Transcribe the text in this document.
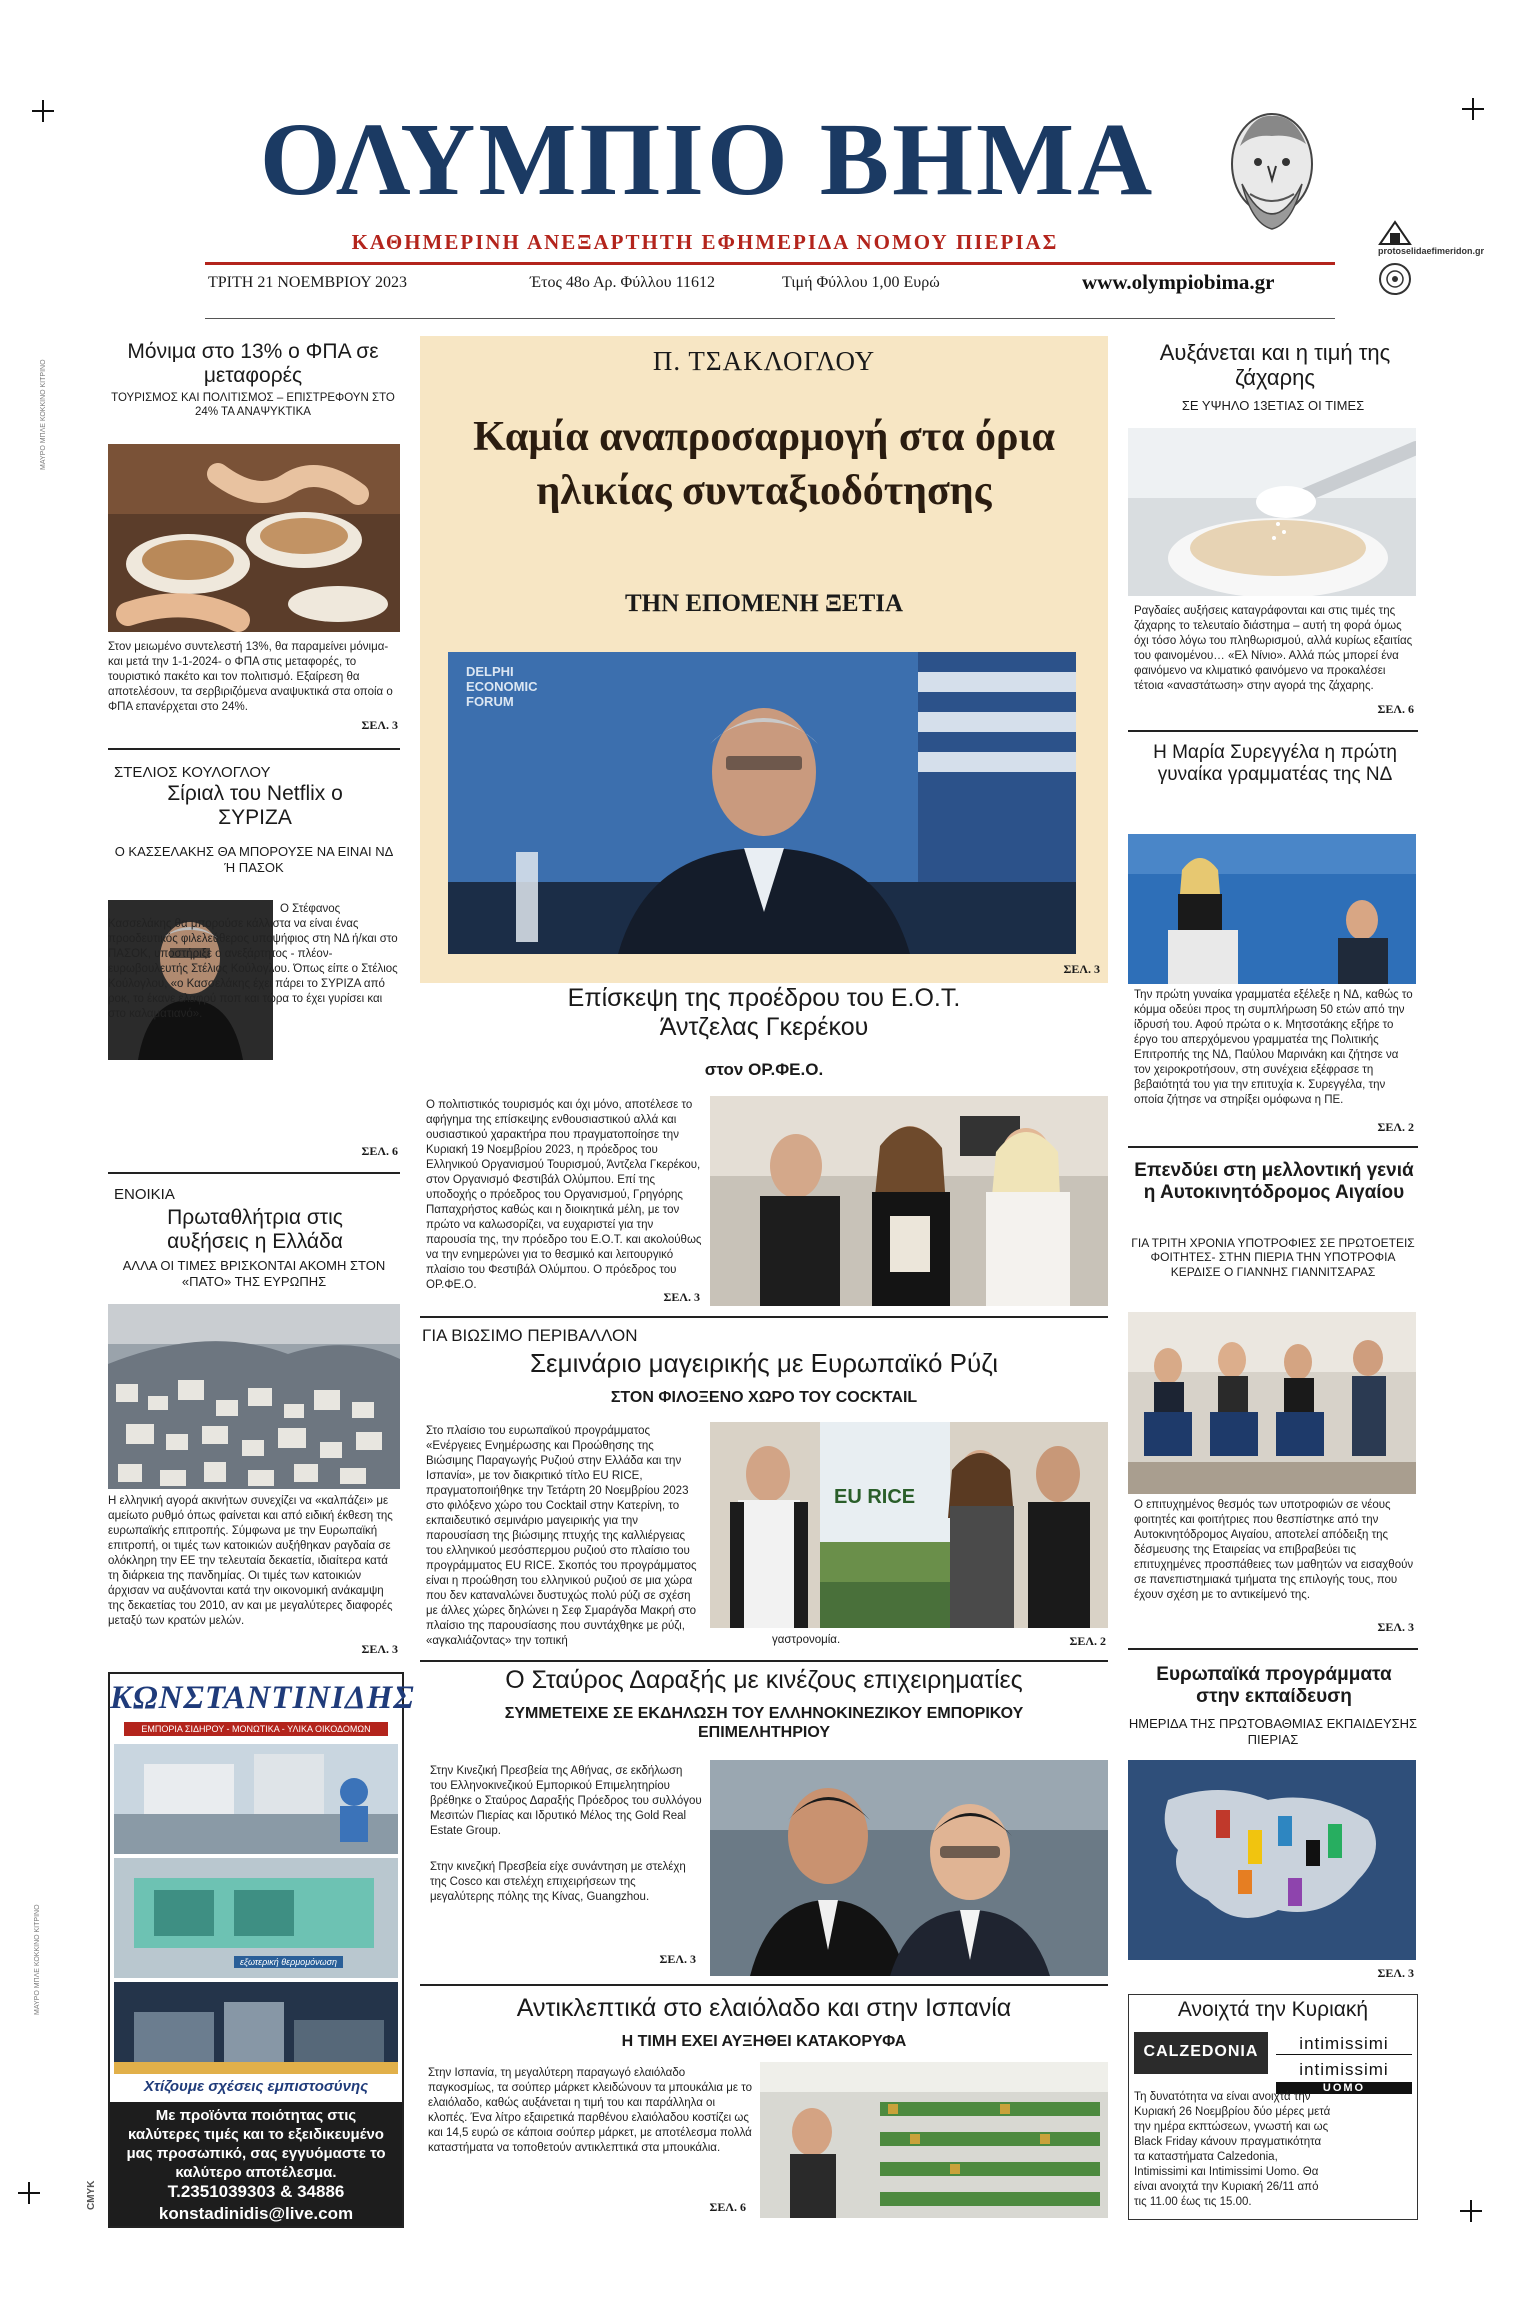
ΜΑΥΡΟ ΜΠΛΕ ΚΟΚΚΙΝΟ ΚΙΤΡΙΝΟ
ΜΑΥΡΟ ΜΠΛΕ ΚΟΚΚΙΝΟ ΚΙΤΡΙΝΟ
CMYK
ΟΛΥΜΠΙΟ ΒΗΜΑ
ΚΑΘΗΜΕΡΙΝΗ ΑΝΕΞΑΡΤΗΤΗ ΕΦΗΜΕΡΙΔΑ ΝΟΜΟΥ ΠΙΕΡΙΑΣ
ΤΡΙΤΗ 21 ΝΟΕΜΒΡΙΟΥ 2023	Έτος 48ο Αρ. Φύλλου 11612	Τιμή Φύλλου 1,00 Ευρώ	www.olympiobima.gr
protoselidaefimeridon.gr
Μόνιμα στο 13% ο ΦΠΑ σε μεταφορές
ΤΟΥΡΙΣΜΟΣ ΚΑΙ ΠΟΛΙΤΙΣΜΟΣ – ΕΠΙΣΤΡΕΦΟΥΝ ΣΤΟ 24% ΤΑ ΑΝΑΨΥΚΤΙΚΑ
Στον μειωμένο συντελεστή 13%, θα παραμείνει μόνιμα- και μετά την 1-1-2024- ο ΦΠΑ στις μεταφορές, το τουριστικό πακέτο και τον πολιτισμό. Εξαίρεση θα αποτελέσουν, τα σερβιριζόμενα αναψυκτικά στα οποία ο ΦΠΑ επανέρχεται στο 24%.
ΣΕΛ. 3
ΣΤΕΛΙΟΣ ΚΟΥΛΟΓΛΟΥ
Σίριαλ του Netflix ο ΣΥΡΙΖΑ
Ο ΚΑΣΣΕΛΑΚΗΣ ΘΑ ΜΠΟΡΟΥΣΕ ΝΑ ΕΙΝΑΙ ΝΔ Ή ΠΑΣΟΚ
Ο Στέφανος Κασσελάκης θα μπορούσε κάλλιστα να είναι ένας προοδευτικός φιλελεύθερος υποψήφιος στη ΝΔ ή/και στο ΠΑΣΟΚ, υποστήριξε ο ανεξάρτητος - πλέον- ευρωβουλευτής Στέλιος Κούλογλου. Όπως είπε ο Στέλιος Κούλογλου, «ο Κασσελάκης έχει πάρει το ΣΥΡΙΖΑ από ροκ, το έκανε ελαφρύ ποπ και τώρα το έχει γυρίσει και στο καλαματιανό».
ΣΕΛ. 6
ΕΝΟΙΚΙΑ
Πρωταθλήτρια στις αυξήσεις η Ελλάδα
ΑΛΛΑ ΟΙ ΤΙΜΕΣ ΒΡΙΣΚΟΝΤΑΙ ΑΚΟΜΗ ΣΤΟΝ «ΠΑΤΟ» ΤΗΣ ΕΥΡΩΠΗΣ
Η ελληνική αγορά ακινήτων συνεχίζει να «καλπάζει» με αμείωτο ρυθμό όπως φαίνεται και από ειδική έκθεση της ευρωπαϊκής επιτροπής. Σύμφωνα με την Ευρωπαϊκή επιτροπή, οι τιμές των κατοικιών αυξήθηκαν ραγδαία σε ολόκληρη την ΕΕ την τελευταία δεκαετία, ιδιαίτερα κατά τη διάρκεια της πανδημίας. Οι τιμές των κατοικιών άρχισαν να αυξάνονται κατά την οικονομική ανάκαμψη της δεκαετίας του 2010, αν και με μεγαλύτερες διαφορές μεταξύ των κρατών μελών.
ΣΕΛ. 3
ΚΩΝΣΤΑΝΤΙΝΙΔΗΣ
ΕΜΠΟΡΙΑ ΣΙΔΗΡΟΥ - ΜΟΝΩΤΙΚΑ - ΥΛΙΚΑ ΟΙΚΟΔΟΜΩΝ
εξωτερική θερμομόνωση
Χτίζουμε σχέσεις εμπιστοσύνης
Με προϊόντα ποιότητας στις καλύτερες τιμές και το εξειδικευμένο μας προσωπικό, σας εγγυόμαστε το καλύτερο αποτέλεσμα.
T.2351039303 & 34886
konstadinidis@live.com
Π. ΤΣΑΚΛΟΓΛΟΥ
Καμία αναπροσαρμογή στα όρια ηλικίας συνταξιοδότησης
ΤΗΝ ΕΠΟΜΕΝΗ ΞΕΤΙΑ
DELPHI ECONOMIC FORUM
ΣΕΛ. 3
Επίσκεψη της προέδρου του Ε.Ο.Τ. Άντζελας Γκερέκου
στον ΟΡ.ΦΕ.Ο.
Ο πολιτιστικός τουρισμός και όχι μόνο, αποτέλεσε το αφήγημα της επίσκεψης ενθουσιαστικού αλλά και ουσιαστικού χαρακτήρα που πραγματοποίησε την Κυριακή 19 Νοεμβρίου 2023, η πρόεδρος του Ελληνικού Οργανισμού Τουρισμού, Άντζελα Γκερέκου, στον Οργανισμό Φεστιβάλ Ολύμπου. Επί της υποδοχής ο πρόεδρος του Οργανισμού, Γρηγόρης Παπαχρήστος καθώς και η διοικητικά μέλη, με τον πρώτο να καλωσορίζει, να ευχαριστεί για την παρουσία της, την πρόεδρο του Ε.Ο.Τ. και ακολούθως να την ενημερώνει για το θεσμικό και λειτουργικό πλαίσιο του Φεστιβάλ Ολύμπου. Ο πρόεδρος του ΟΡ.ΦΕ.Ο.
ΣΕΛ. 3
ΓΙΑ ΒΙΩΣΙΜΟ ΠΕΡΙΒΑΛΛΟΝ
Σεμινάριο μαγειρικής με Ευρωπαϊκό Ρύζι
ΣΤΟΝ ΦΙΛΟΞΕΝΟ ΧΩΡΟ ΤΟΥ COCKTAIL
Στο πλαίσιο του ευρωπαϊκού προγράμματος «Ενέργειες Ενημέρωσης και Προώθησης της Βιώσιμης Παραγωγής Ρυζιού στην Ελλάδα και την Ισπανία», με τον διακριτικό τίτλο EU RICE, πραγματοποιήθηκε την Τετάρτη 20 Νοεμβρίου 2023 στο φιλόξενο χώρο του Cocktail στην Κατερίνη, το εκπαιδευτικό σεμινάριο μαγειρικής για την παρουσίαση της βιώσιμης πτυχής της καλλιέργειας του ελληνικού μεσόσπερμου ρυζιού στο πλαίσιο του προγράμματος EU RICE. Σκοπός του προγράμματος είναι η προώθηση του ελληνικού ρυζιού σε μια χώρα που δεν καταναλώνει δυστυχώς πολύ ρύζι σε σχέση με άλλες χώρες δηλώνει η Σεφ Σμαράγδα Μακρή στο πλαίσιο της παρουσίασης που συντάχθηκε με ρύζι, «αγκαλιάζοντας» την τοπική
EU RICE
γαστρονομία.	ΣΕΛ. 2
Ο Σταύρος Δαραξής με κινέζους επιχειρηματίες
ΣΥΜΜΕΤΕΙΧΕ ΣΕ ΕΚΔΗΛΩΣΗ ΤΟΥ ΕΛΛΗΝΟΚΙΝΕΖΙΚΟΥ ΕΜΠΟΡΙΚΟΥ ΕΠΙΜΕΛΗΤΗΡΙΟΥ
Στην Κινεζική Πρεσβεία της Αθήνας, σε εκδήλωση του Ελληνοκινεζικού Εμπορικού Επιμελητηρίου βρέθηκε ο Σταύρος Δαραξής Πρόεδρος του συλλόγου Μεσιτών Πιερίας και Ιδρυτικό Μέλος της Gold Real Estate Group.
Στην κινεζική Πρεσβεία είχε συνάντηση με στελέχη της Cosco και στελέχη επιχειρήσεων της μεγαλύτερης πόλης της Κίνας, Guangzhou.
ΣΕΛ. 3
Αντικλεπτικά στο ελαιόλαδο και στην Ισπανία
Η ΤΙΜΗ ΕΧΕΙ ΑΥΞΗΘΕΙ ΚΑΤΑΚΟΡΥΦΑ
Στην Ισπανία, τη μεγαλύτερη παραγωγό ελαιόλαδο παγκοσμίως, τα σούπερ μάρκετ κλειδώνουν τα μπουκάλια με το ελαιόλαδο, καθώς αυξάνεται η τιμή του και παράλληλα οι κλοπές. Ένα λίτρο εξαιρετικά παρθένου ελαιόλαδου κοστίζει ως και 14,5 ευρώ σε κάποια σούπερ μάρκετ, με αποτέλεσμα πολλά καταστήματα να τοποθετούν αντικλεπτικά στα μπουκάλια.
ΣΕΛ. 6
Αυξάνεται και η τιμή της ζάχαρης
ΣΕ ΥΨΗΛΟ 13ΕΤΙΑΣ ΟΙ ΤΙΜΕΣ
Ραγδαίες αυξήσεις καταγράφονται και στις τιμές της ζάχαρης το τελευταίο διάστημα – αυτή τη φορά όμως όχι τόσο λόγω του πληθωρισμού, αλλά κυρίως εξαιτίας του φαινομένου… «Ελ Νίνιο». Αλλά πώς μπορεί ένα φαινόμενο να κλιματικό φαινόμενο να προκαλέσει τέτοια «αναστάτωση» στην αγορά της ζάχαρης.
ΣΕΛ. 6
Η Μαρία Συρεγγέλα η πρώτη γυναίκα γραμματέας της ΝΔ
Την πρώτη γυναίκα γραμματέα εξέλεξε η ΝΔ, καθώς το κόμμα οδεύει προς τη συμπλήρωση 50 ετών από την ίδρυσή του. Αφού πρώτα ο κ. Μητσοτάκης εξήρε το έργο του απερχόμενου γραμματέα της Πολιτικής Επιτροπής της ΝΔ, Παύλου Μαρινάκη και ζήτησε να τον χειροκροτήσουν, στη συνέχεια εξέφρασε τη βεβαιότητά του για την επιτυχία κ. Συρεγγέλα, την οποία ζήτησε να στηρίξει ομόφωνα η ΠΕ.
ΣΕΛ. 2
Επενδύει στη μελλοντική γενιά η Αυτοκινητόδρομος Αιγαίου
ΓΙΑ ΤΡΙΤΗ ΧΡΟΝΙΑ ΥΠΟΤΡΟΦΙΕΣ ΣΕ ΠΡΩΤΟΕΤΕΙΣ ΦΟΙΤΗΤΕΣ- ΣΤΗΝ ΠΙΕΡΙΑ ΤΗΝ ΥΠΟΤΡΟΦΙΑ ΚΕΡΔΙΣΕ Ο ΓΙΑΝΝΗΣ ΓΙΑΝΝΙΤΣΑΡΑΣ
Ο επιτυχημένος θεσμός των υποτροφιών σε νέους φοιτητές και φοιτήτριες που θεσπίστηκε από την Αυτοκινητόδρομος Αιγαίου, αποτελεί απόδειξη της δέσμευσης της Εταιρείας να επιβραβεύει τις επιτυχημένες προσπάθειες των μαθητών να εισαχθούν σε πανεπιστημιακά τμήματα της επιλογής τους, που έχουν σχέση με το αντικείμενό της.
ΣΕΛ. 3
Ευρωπαϊκά προγράμματα στην εκπαίδευση
ΗΜΕΡΙΔΑ ΤΗΣ ΠΡΩΤΟΒΑΘΜΙΑΣ ΕΚΠΑΙΔΕΥΣΗΣ ΠΙΕΡΙΑΣ
ΣΕΛ. 3
Ανοιχτά την Κυριακή
CALZEDONIA	intimissimi
intimissimi
UOMO
Τη δυνατότητα να είναι ανοιχτά την Κυριακή 26 Νοεμβρίου δύο μέρες μετά την ημέρα εκπτώσεων, γνωστή και ως Black Friday κάνουν πραγματικότητα τα καταστήματα Calzedonia, Intimissimi και Intimissimi Uomo. Θα είναι ανοιχτά την Κυριακή 26/11 από τις 11.00 έως τις 15.00.
